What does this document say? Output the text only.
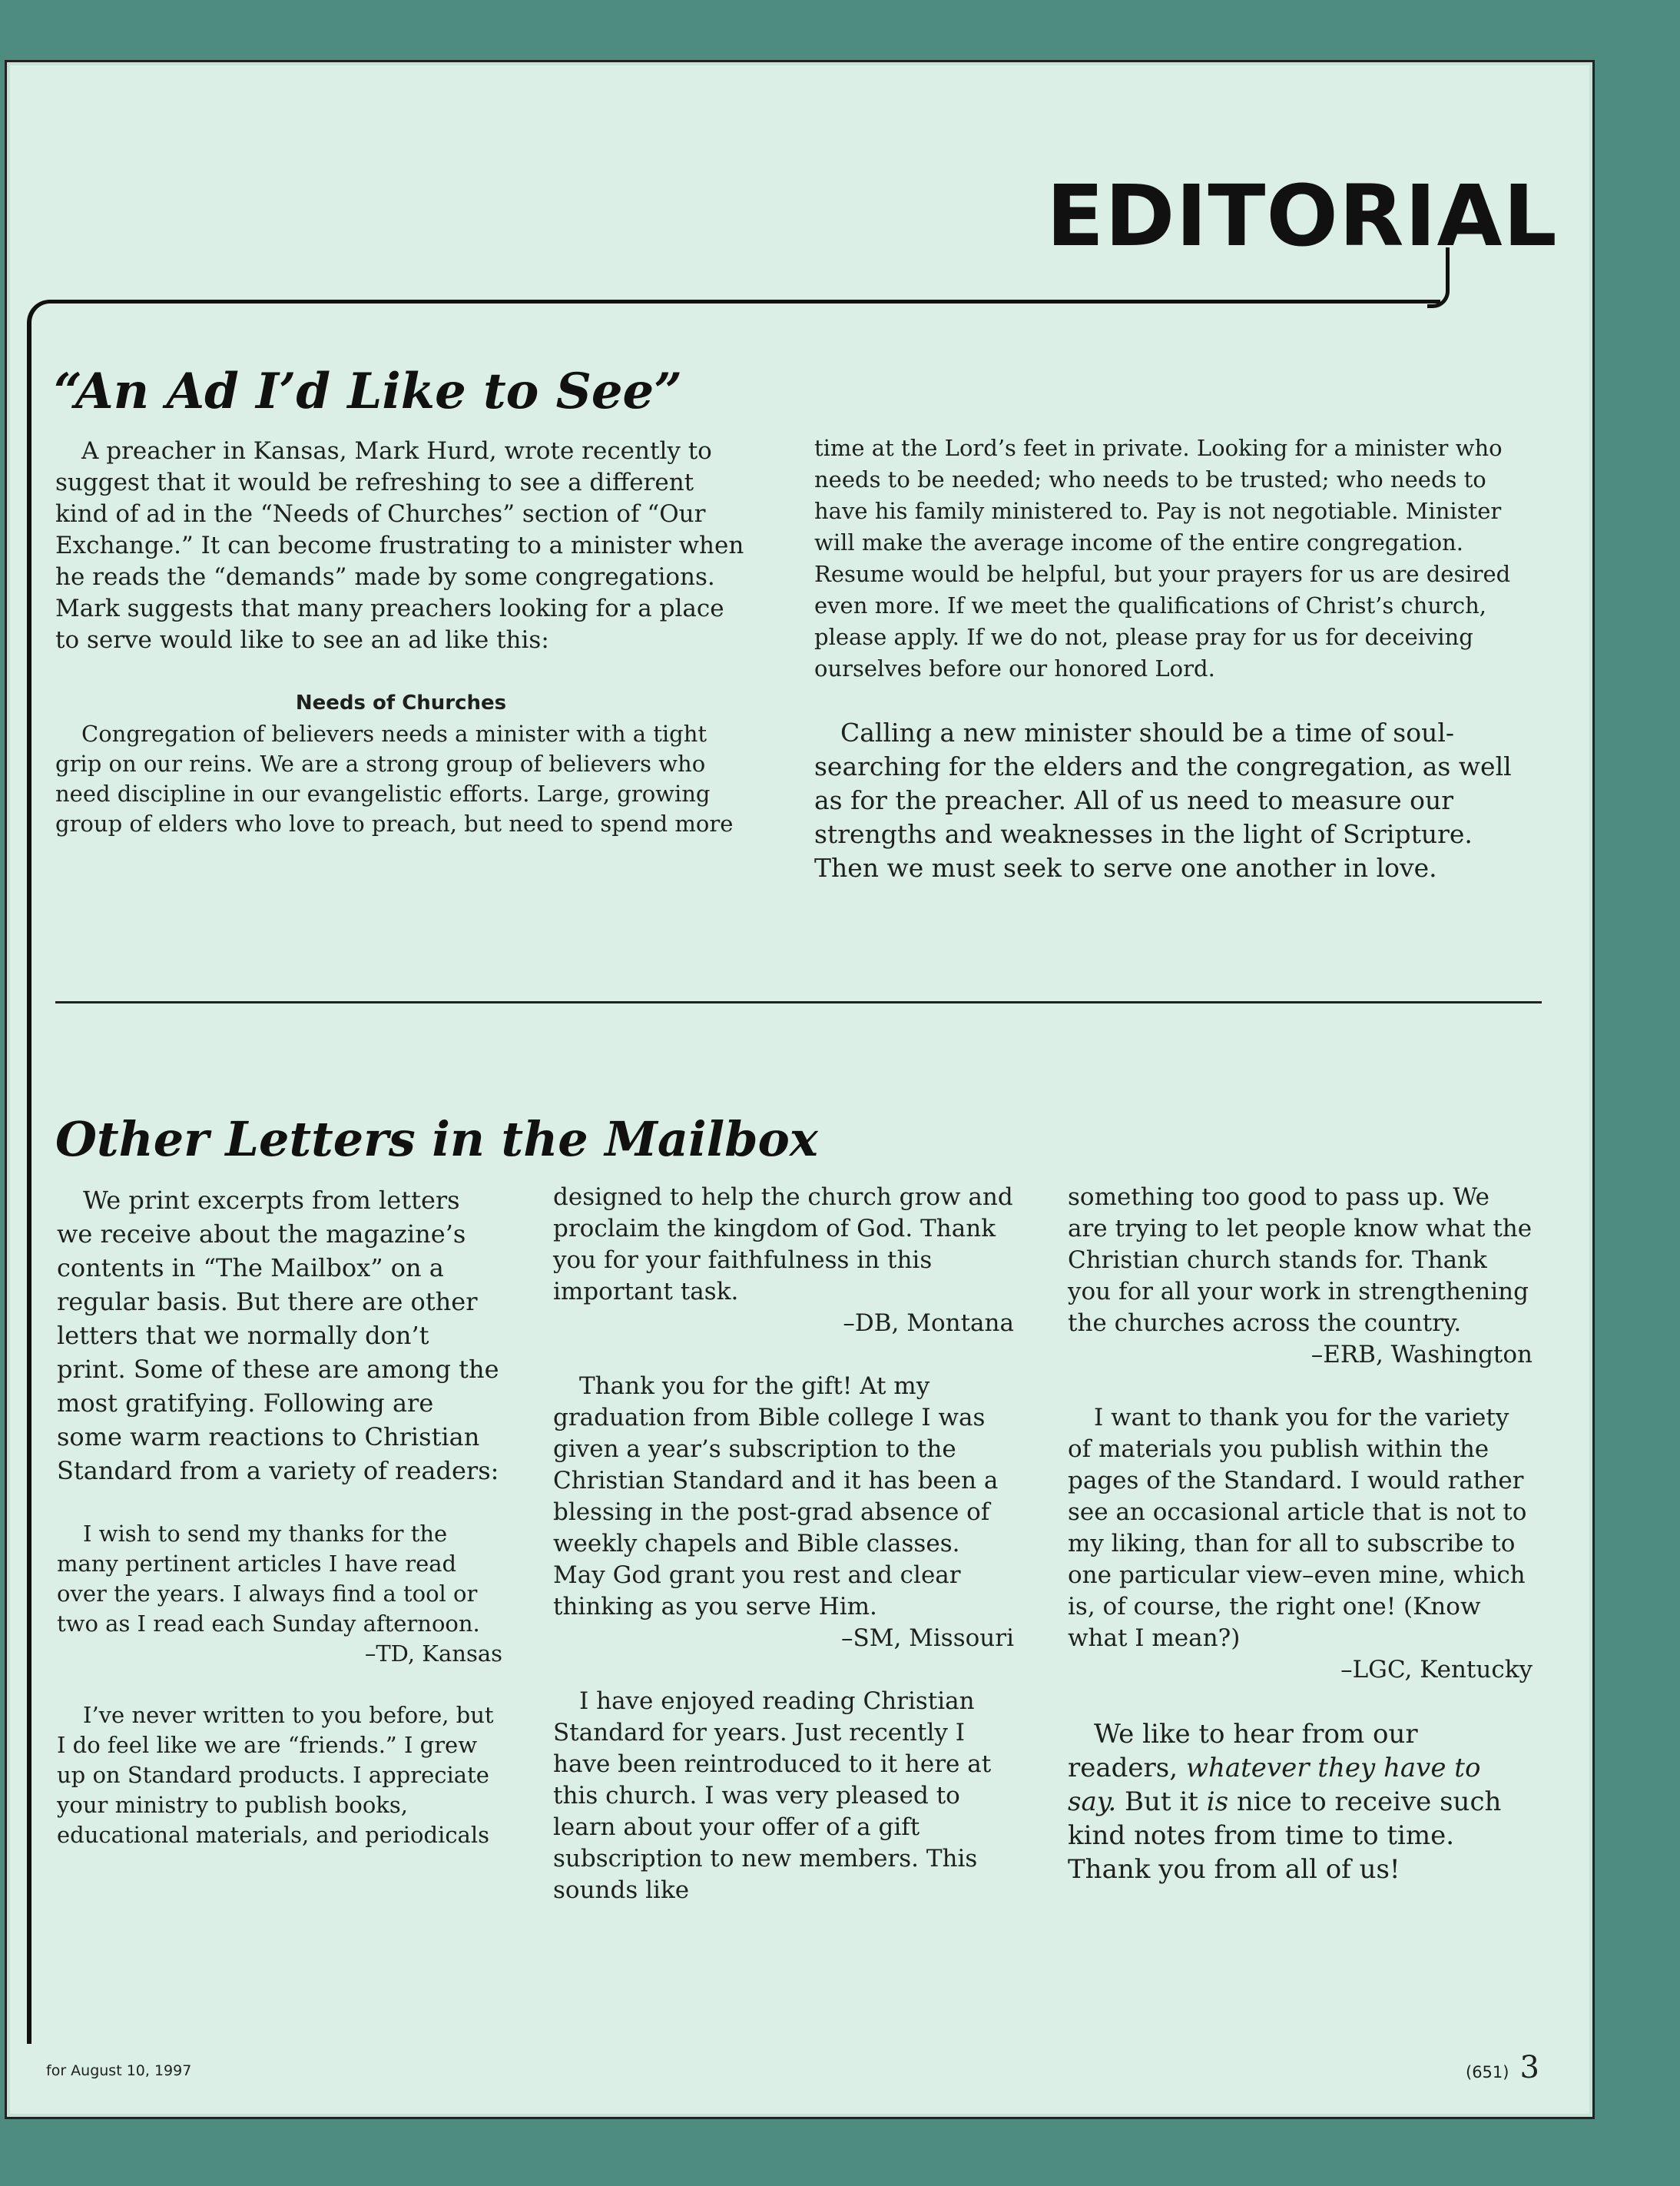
EDITORIAL
“An Ad I’d Like to See”

A preacher in Kansas, Mark Hurd, wrote recently to suggest that it would be refreshing to see a different kind of ad in the “Needs of Churches” section of “Our Exchange.” It can become frustrating to a minister when he reads the “demands” made by some congregations. Mark suggests that many preachers looking for a place to serve would like to see an ad like this:

Needs of Churches

Congregation of believers needs a minister with a tight grip on our reins. We are a strong group of believers who need discipline in our evangelistic efforts. Large, growing group of elders who love to preach, but need to spend more

time at the Lord’s feet in private. Looking for a minister who needs to be needed; who needs to be trusted; who needs to have his family ministered to. Pay is not negotiable. Minister will make the average income of the entire congregation. Resume would be helpful, but your prayers for us are desired even more. If we meet the qualifications of Christ’s church, please apply. If we do not, please pray for us for deceiving ourselves before our honored Lord.

Calling a new minister should be a time of soul-searching for the elders and the congregation, as well as for the preacher. All of us need to measure our strengths and weaknesses in the light of Scripture. Then we must seek to serve one another in love.

Other Letters in the Mailbox

We print excerpts from letters we receive about the magazine’s contents in “The Mailbox” on a regular basis. But there are other letters that we normally don’t print. Some of these are among the most gratifying. Following are some warm reactions to Christian Standard from a variety of readers:

I wish to send my thanks for the many pertinent articles I have read over the years. I always find a tool or two as I read each Sunday afternoon.

–TD, Kansas

I’ve never written to you before, but I do feel like we are “friends.” I grew up on Standard products. I appreciate your ministry to publish books, educational materials, and periodicals

designed to help the church grow and proclaim the kingdom of God. Thank you for your faithfulness in this important task.

–DB, Montana

Thank you for the gift! At my graduation from Bible college I was given a year’s subscription to the Christian Standard and it has been a blessing in the post-grad absence of weekly chapels and Bible classes. May God grant you rest and clear thinking as you serve Him.

–SM, Missouri

I have enjoyed reading Christian Standard for years. Just recently I have been reintroduced to it here at this church. I was very pleased to learn about your offer of a gift subscription to new members. This sounds like

something too good to pass up. We are trying to let people know what the Christian church stands for. Thank you for all your work in strengthening the churches across the country.

–ERB, Washington

I want to thank you for the variety of materials you publish within the pages of the Standard. I would rather see an occasional article that is not to my liking, than for all to subscribe to one particular view–even mine, which is, of course, the right one! (Know what I mean?)

–LGC, Kentucky

We like to hear from our readers, whatever they have to say. But it is nice to receive such kind notes from time to time. Thank you from all of us!

for August 10, 1997	(651) 3
